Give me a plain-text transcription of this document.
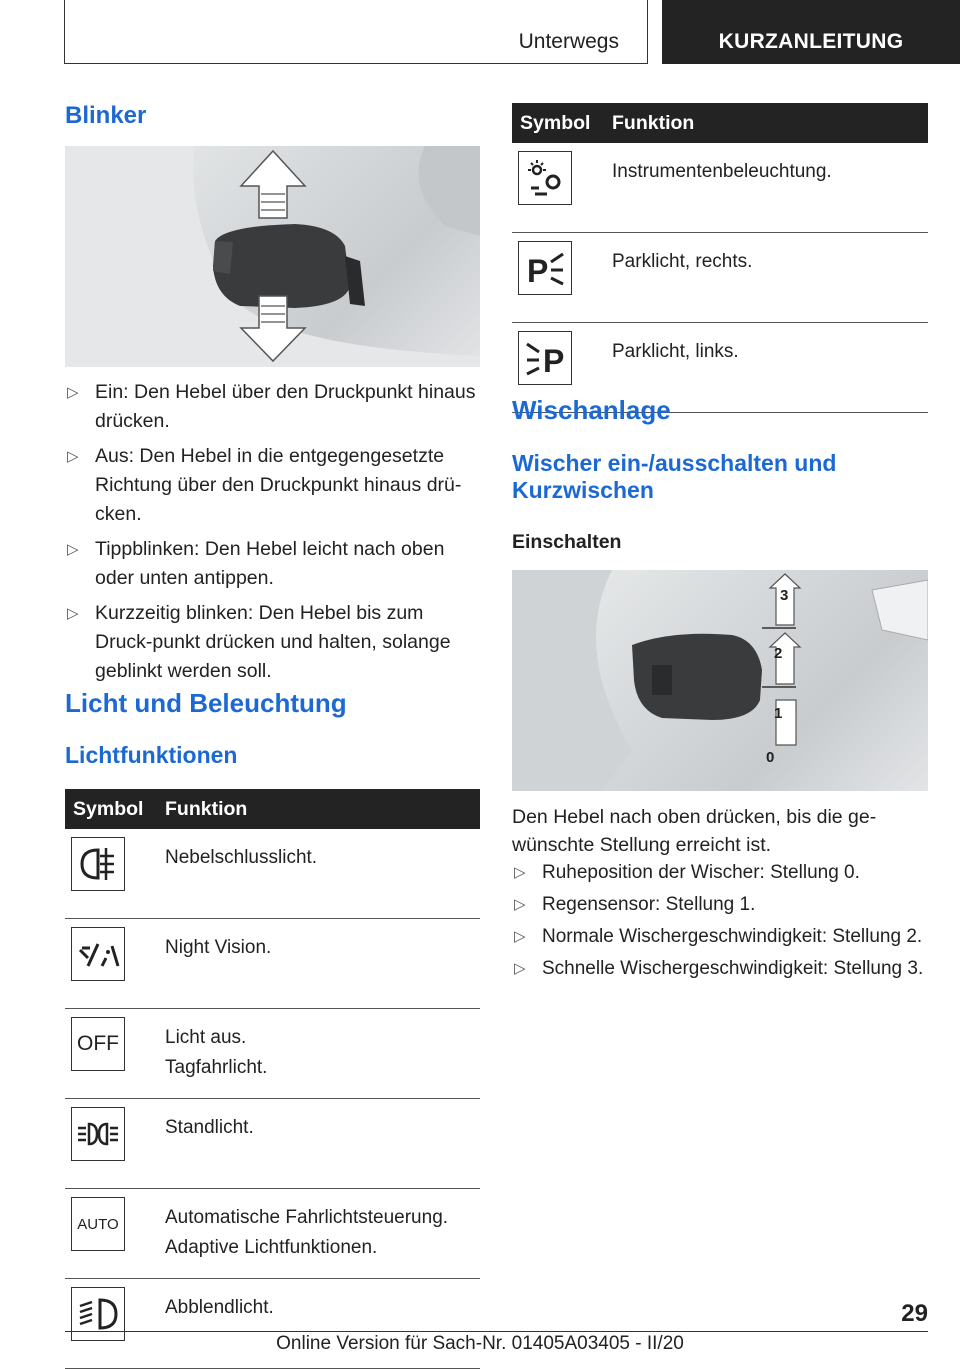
Unterwegs	KURZANLEITUNG
Blinker
▷ Ein: Den Hebel über den Druckpunkt hinaus drücken.
▷ Aus: Den Hebel in die entgegengesetzte Richtung über den Druckpunkt hinaus drü-cken.
▷ Tippblinken: Den Hebel leicht nach oben oder unten antippen.
▷ Kurzzeitig blinken: Den Hebel bis zum Druck-punkt drücken und halten, solange geblinkt werden soll.
Licht und Beleuchtung
Lichtfunktionen
Symbol	Funktion

Nebelschlusslicht.

Night Vision.

OFF	Licht aus.
Tagfahrlicht.

Standlicht.

AUTO	Automatische Fahrlichtsteuerung.
Adaptive Lichtfunktionen.

Abblendlicht.
Symbol	Funktion

Instrumentenbeleuchtung.

P	Parklicht, rechts.

P	Parklicht, links.
Wischanlage
Wischer ein-/ausschalten und Kurzwischen
Einschalten
3
2
1
0

Den Hebel nach oben drücken, bis die ge-wünschte Stellung erreicht ist.

▷ Ruheposition der Wischer: Stellung 0.
▷ Regensensor: Stellung 1.
▷ Normale Wischergeschwindigkeit: Stellung 2.
▷ Schnelle Wischergeschwindigkeit: Stellung 3.
29
Online Version für Sach-Nr. 01405A03405 - II/20
